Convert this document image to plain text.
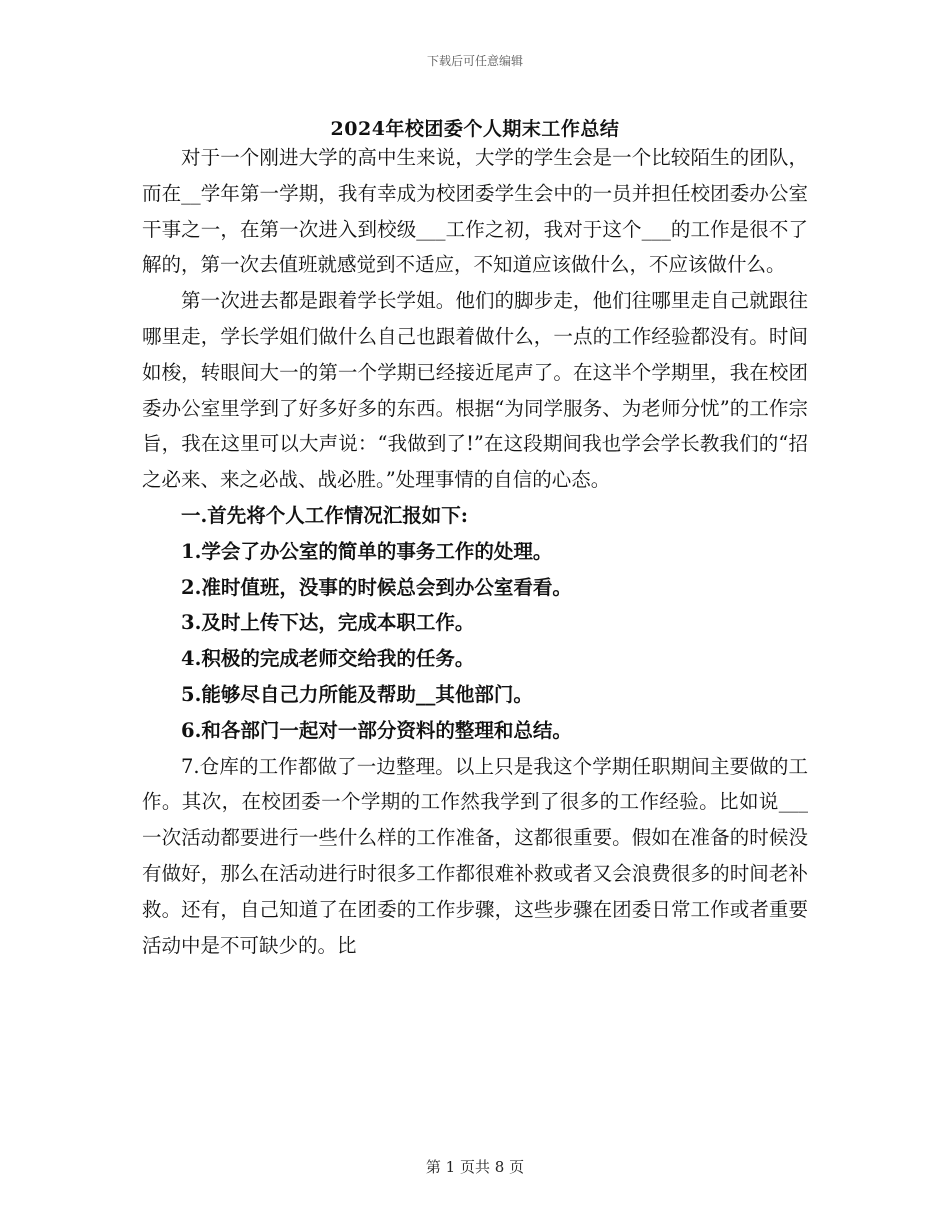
下载后可任意编辑
2024年校团委个人期末工作总结

对于一个刚进大学的高中生来说，大学的学生会是一个比较陌生的团队，而在__学年第一学期，我有幸成为校团委学生会中的一员并担任校团委办公室干事之一，在第一次进入到校级___工作之初，我对于这个___的工作是很不了解的，第一次去值班就感觉到不适应，不知道应该做什么，不应该做什么。

第一次进去都是跟着学长学姐。他们的脚步走，他们往哪里走自己就跟往哪里走，学长学姐们做什么自己也跟着做什么，一点的工作经验都没有。时间如梭，转眼间大一的第一个学期已经接近尾声了。在这半个学期里，我在校团委办公室里学到了好多好多的东西。根据“为同学服务、为老师分忧”的工作宗旨，我在这里可以大声说：“我做到了!”在这段期间我也学会学长教我们的“招之必来、来之必战、战必胜。”处理事情的自信的心态。

一.首先将个人工作情况汇报如下:

1.学会了办公室的简单的事务工作的处理。

2.准时值班，没事的时候总会到办公室看看。

3.及时上传下达，完成本职工作。

4.积极的完成老师交给我的任务。

5.能够尽自己力所能及帮助__其他部门。

6.和各部门一起对一部分资料的整理和总结。

7.仓库的工作都做了一边整理。以上只是我这个学期任职期间主要做的工作。其次，在校团委一个学期的工作然我学到了很多的工作经验。比如说___一次活动都要进行一些什么样的工作准备，这都很重要。假如在准备的时候没有做好，那么在活动进行时很多工作都很难补救或者又会浪费很多的时间老补救。还有，自己知道了在团委的工作步骤，这些步骤在团委日常工作或者重要活动中是不可缺少的。比

第 1 页共 8 页
